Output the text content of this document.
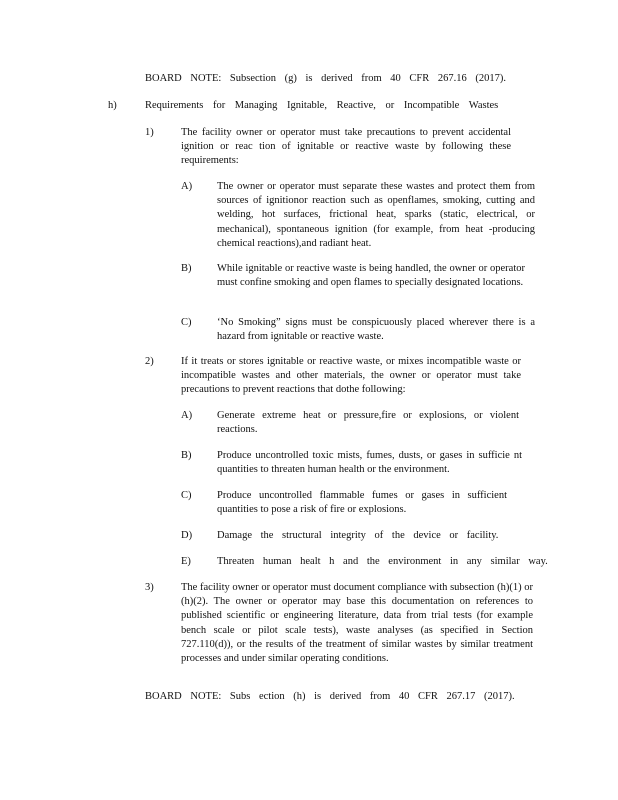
BOARD NOTE: Subsection (g) is derived from 40 CFR 267.16 (2017).
h)	Requirements for Managing Ignitable, Reactive, or Incompatible Wastes
1)	The facility owner or operator must take precautions to prevent accidental ignition or reac tion of ignitable or reactive waste by following these requirements:
A) The owner or operator must separate these wastes and protect them from sources of ignitionor reaction such as openflames, smoking, cutting and welding, hot surfaces, frictional heat, sparks (static, electrical, or mechanical), spontaneous ignition (for example, from heat -producing chemical reactions),and radiant heat.
B) While ignitable or reactive waste is being handled, the owner or operator must confine smoking and open flames to specially designated locations.
C) ‘No Smoking” signs must be conspicuously placed wherever there is a hazard from ignitable or reactive waste.
2)	If it treats or stores ignitable or reactive waste, or mixes incompatible waste or incompatible wastes and other materials, the owner or operator must take precautions to prevent reactions that dothe following:
A) Generate extreme heat or pressure,fire or explosions, or violent reactions.
B) Produce uncontrolled toxic mists, fumes, dusts, or gases in sufficie nt quantities to threaten human health or the environment.
C) Produce uncontrolled flammable fumes or gases in sufficient quantities to pose a risk of fire or explosions.
D) Damage the structural integrity of the device or facility.
E) Threaten human healt h and the environment in any similar way.
3)	The facility owner or operator must document compliance with subsection (h)(1) or (h)(2). The owner or operator may base this documentation on references to published scientific or engineering literature, data from trial tests (for example bench scale or pilot scale tests), waste analyses (as specified in Section 727.110(d)), or the results of the treatment of similar wastes by similar treatment processes and under similar operating conditions.
BOARD NOTE: Subs ection (h) is derived from 40 CFR 267.17 (2017).
